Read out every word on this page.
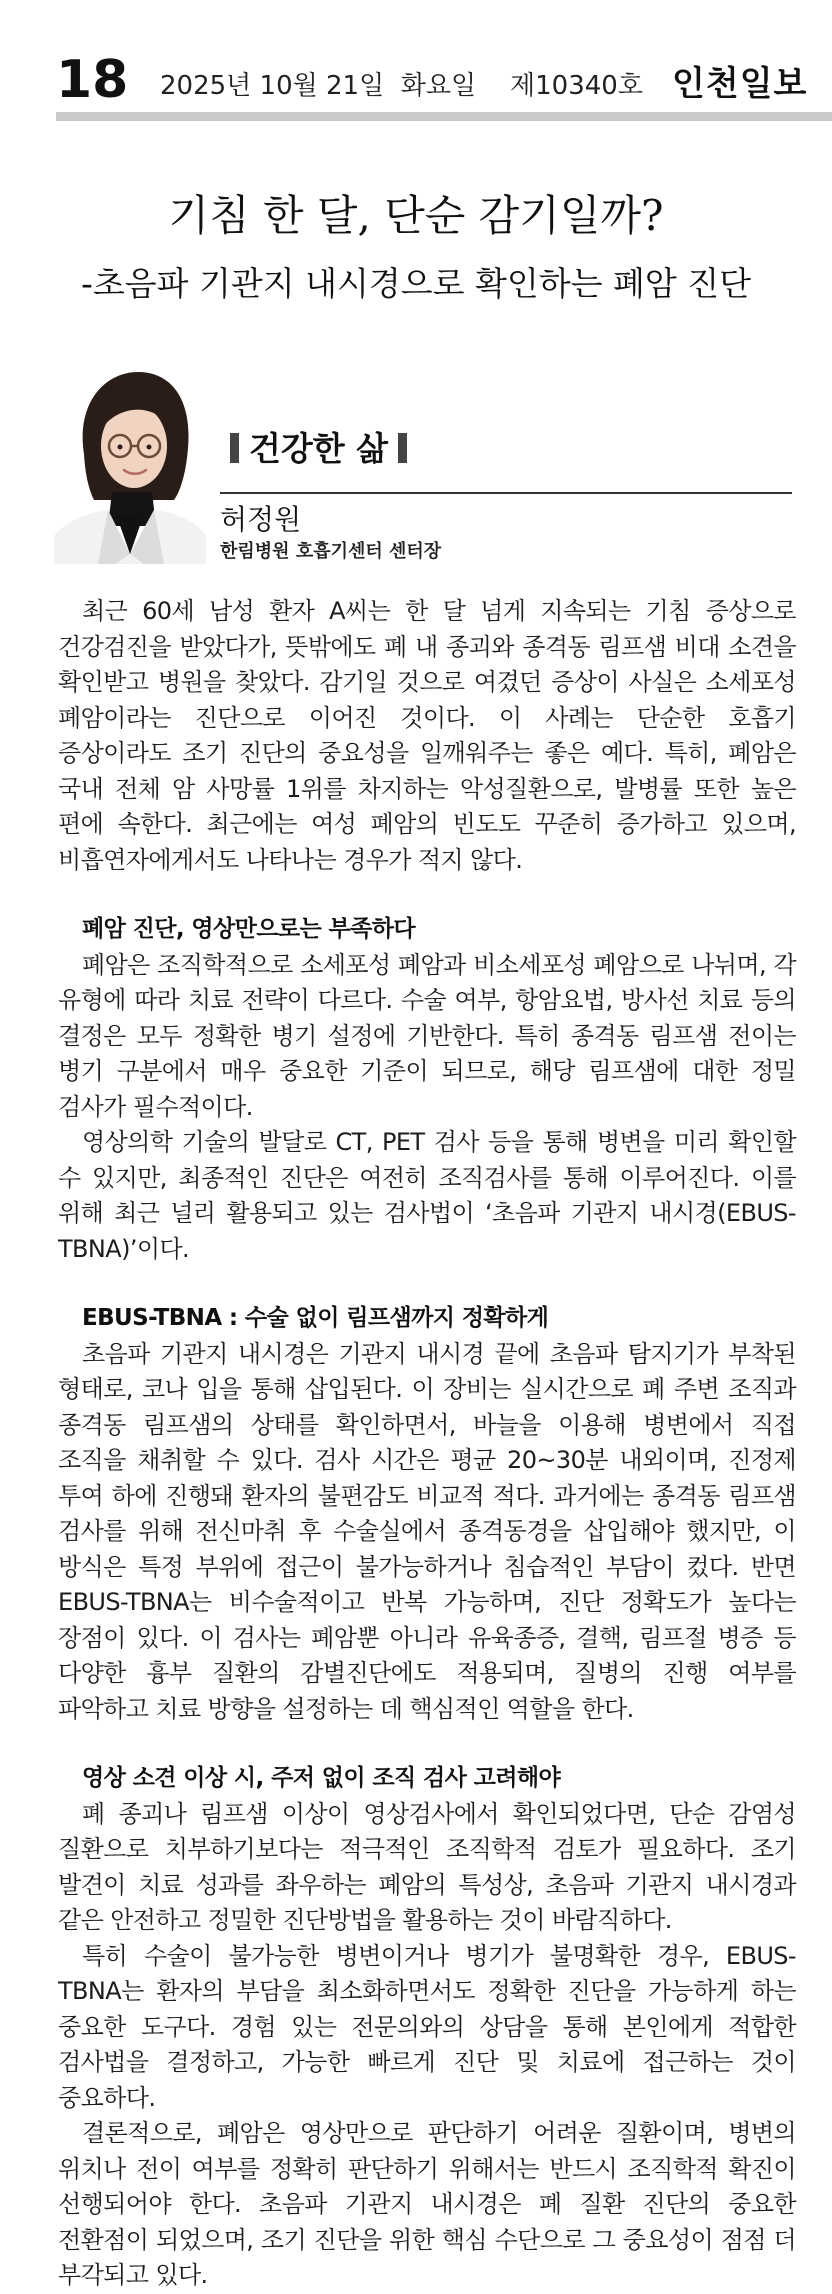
18 2025년 10월 21일  화요일 제10340호 인천일보
기침 한 달, 단순 감기일까?
-초음파 기관지 내시경으로 확인하는 폐암 진단
건강한 삶
허정원
한림병원 호흡기센터 센터장

최근 60세 남성 환자 A씨는 한 달 넘게 지속되는 기침 증상으로 건강검진을 받았다가, 뜻밖에도 폐 내 종괴와 종격동 림프샘 비대 소견을 확인받고 병원을 찾았다. 감기일 것으로 여겼던 증상이 사실은 소세포성 폐암이라는 진단으로 이어진 것이다. 이 사례는 단순한 호흡기 증상이라도 조기 진단의 중요성을 일깨워주는 좋은 예다. 특히, 폐암은 국내 전체 암 사망률 1위를 차지하는 악성질환으로, 발병률 또한 높은 편에 속한다. 최근에는 여성 폐암의 빈도도 꾸준히 증가하고 있으며, 비흡연자에게서도 나타나는 경우가 적지 않다.

폐암 진단, 영상만으로는 부족하다

폐암은 조직학적으로 소세포성 폐암과 비소세포성 폐암으로 나뉘며, 각 유형에 따라 치료 전략이 다르다. 수술 여부, 항암요법, 방사선 치료 등의 결정은 모두 정확한 병기 설정에 기반한다. 특히 종격동 림프샘 전이는 병기 구분에서 매우 중요한 기준이 되므로, 해당 림프샘에 대한 정밀 검사가 필수적이다.

영상의학 기술의 발달로 CT, PET 검사 등을 통해 병변을 미리 확인할 수 있지만, 최종적인 진단은 여전히 조직검사를 통해 이루어진다. 이를 위해 최근 널리 활용되고 있는 검사법이 ‘초음파 기관지 내시경(EBUS-TBNA)’이다.

EBUS-TBNA : 수술 없이 림프샘까지 정확하게

초음파 기관지 내시경은 기관지 내시경 끝에 초음파 탐지기가 부착된 형태로, 코나 입을 통해 삽입된다. 이 장비는 실시간으로 폐 주변 조직과 종격동 림프샘의 상태를 확인하면서, 바늘을 이용해 병변에서 직접 조직을 채취할 수 있다. 검사 시간은 평균 20~30분 내외이며, 진정제 투여 하에 진행돼 환자의 불편감도 비교적 적다. 과거에는 종격동 림프샘 검사를 위해 전신마취 후 수술실에서 종격동경을 삽입해야 했지만, 이 방식은 특정 부위에 접근이 불가능하거나 침습적인 부담이 컸다. 반면 EBUS-TBNA는 비수술적이고 반복 가능하며, 진단 정확도가 높다는 장점이 있다. 이 검사는 폐암뿐 아니라 유육종증, 결핵, 림프절 병증 등 다양한 흉부 질환의 감별진단에도 적용되며, 질병의 진행 여부를 파악하고 치료 방향을 설정하는 데 핵심적인 역할을 한다.

영상 소견 이상 시, 주저 없이 조직 검사 고려해야

폐 종괴나 림프샘 이상이 영상검사에서 확인되었다면, 단순 감염성 질환으로 치부하기보다는 적극적인 조직학적 검토가 필요하다. 조기 발견이 치료 성과를 좌우하는 폐암의 특성상, 초음파 기관지 내시경과 같은 안전하고 정밀한 진단방법을 활용하는 것이 바람직하다.

특히 수술이 불가능한 병변이거나 병기가 불명확한 경우, EBUS-TBNA는 환자의 부담을 최소화하면서도 정확한 진단을 가능하게 하는 중요한 도구다. 경험 있는 전문의와의 상담을 통해 본인에게 적합한 검사법을 결정하고, 가능한 빠르게 진단 및 치료에 접근하는 것이 중요하다.

결론적으로, 폐암은 영상만으로 판단하기 어려운 질환이며, 병변의 위치나 전이 여부를 정확히 판단하기 위해서는 반드시 조직학적 확진이 선행되어야 한다. 초음파 기관지 내시경은 폐 질환 진단의 중요한 전환점이 되었으며, 조기 진단을 위한 핵심 수단으로 그 중요성이 점점 더 부각되고 있다.
